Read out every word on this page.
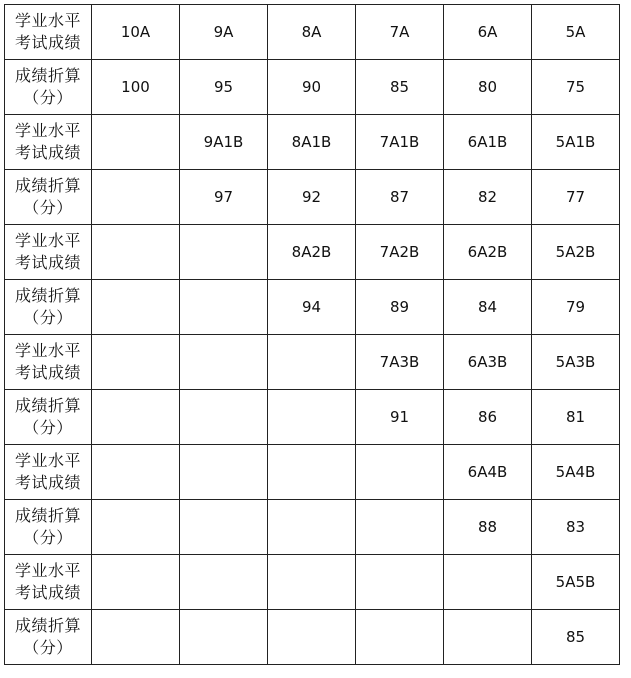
学业水平
考试成绩	10A	9A	8A	7A	6A	5A

成绩折算
（分）	100	95	90	85	80	75

学业水平
考试成绩		9A1B	8A1B	7A1B	6A1B	5A1B

成绩折算
（分）		97	92	87	82	77

学业水平
考试成绩			8A2B	7A2B	6A2B	5A2B

成绩折算
（分）			94	89	84	79

学业水平
考试成绩				7A3B	6A3B	5A3B

成绩折算
（分）				91	86	81

学业水平
考试成绩					6A4B	5A4B

成绩折算
（分）					88	83

学业水平
考试成绩						5A5B

成绩折算
（分）						85
